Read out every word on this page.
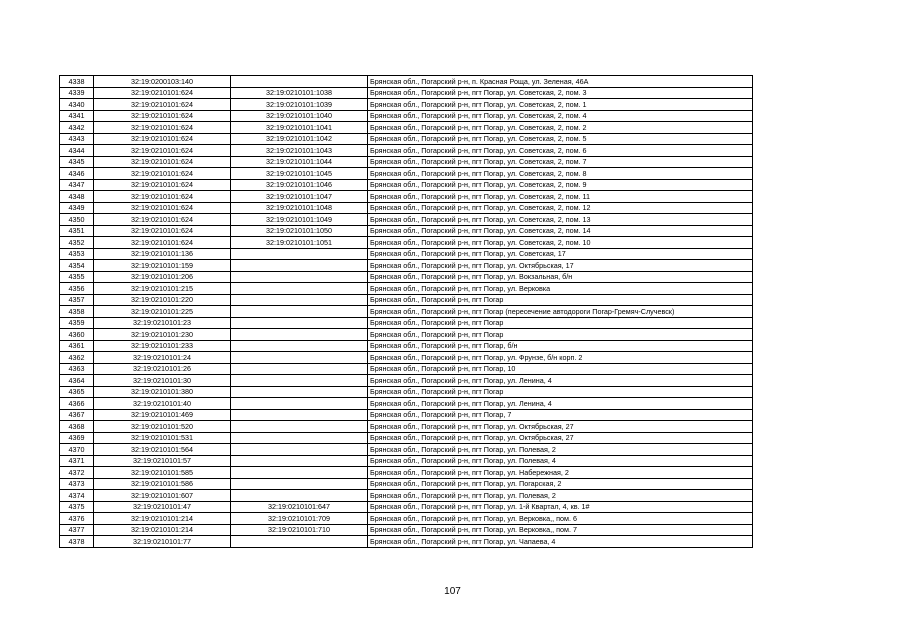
4338	32:19:0200103:140		Брянская обл., Погарский р-н, п. Красная Роща, ул. Зеленая, 46А
4339	32:19:0210101:624	32:19:0210101:1038	Брянская обл., Погарский р-н, пгт Погар, ул. Советская, 2, пом. 3
4340	32:19:0210101:624	32:19:0210101:1039	Брянская обл., Погарский р-н, пгт Погар, ул. Советская, 2, пом. 1
4341	32:19:0210101:624	32:19:0210101:1040	Брянская обл., Погарский р-н, пгт Погар, ул. Советская, 2, пом. 4
4342	32:19:0210101:624	32:19:0210101:1041	Брянская обл., Погарский р-н, пгт Погар, ул. Советская, 2, пом. 2
4343	32:19:0210101:624	32:19:0210101:1042	Брянская обл., Погарский р-н, пгт Погар, ул. Советская, 2, пом. 5
4344	32:19:0210101:624	32:19:0210101:1043	Брянская обл., Погарский р-н, пгт Погар, ул. Советская, 2, пом. 6
4345	32:19:0210101:624	32:19:0210101:1044	Брянская обл., Погарский р-н, пгт Погар, ул. Советская, 2, пом. 7
4346	32:19:0210101:624	32:19:0210101:1045	Брянская обл., Погарский р-н, пгт Погар, ул. Советская, 2, пом. 8
4347	32:19:0210101:624	32:19:0210101:1046	Брянская обл., Погарский р-н, пгт Погар, ул. Советская, 2, пом. 9
4348	32:19:0210101:624	32:19:0210101:1047	Брянская обл., Погарский р-н, пгт Погар, ул. Советская, 2, пом. 11
4349	32:19:0210101:624	32:19:0210101:1048	Брянская обл., Погарский р-н, пгт Погар, ул. Советская, 2, пом. 12
4350	32:19:0210101:624	32:19:0210101:1049	Брянская обл., Погарский р-н, пгт Погар, ул. Советская, 2, пом. 13
4351	32:19:0210101:624	32:19:0210101:1050	Брянская обл., Погарский р-н, пгт Погар, ул. Советская, 2, пом. 14
4352	32:19:0210101:624	32:19:0210101:1051	Брянская обл., Погарский р-н, пгт Погар, ул. Советская, 2, пом. 10
4353	32:19:0210101:136		Брянская обл., Погарский р-н, пгт Погар, ул. Советская, 17
4354	32:19:0210101:159		Брянская обл., Погарский р-н, пгт Погар, ул. Октябрьская, 17
4355	32:19:0210101:206		Брянская обл., Погарский р-н, пгт Погар, ул. Вокзальная, б/н
4356	32:19:0210101:215		Брянская обл., Погарский р-н, пгт Погар, ул. Верковка
4357	32:19:0210101:220		Брянская обл., Погарский р-н, пгт Погар
4358	32:19:0210101:225		Брянская обл., Погарский р-н, пгт Погар (пересечение автодороги Погар-Гремяч-Случевск)
4359	32:19:0210101:23		Брянская обл., Погарский р-н, пгт Погар
4360	32:19:0210101:230		Брянская обл., Погарский р-н, пгт Погар
4361	32:19:0210101:233		Брянская обл., Погарский р-н, пгт Погар, б/н
4362	32:19:0210101:24		Брянская обл., Погарский р-н, пгт Погар, ул. Фрунзе, б/н корп. 2
4363	32:19:0210101:26		Брянская обл., Погарский р-н, пгт Погар, 10
4364	32:19:0210101:30		Брянская обл., Погарский р-н, пгт Погар, ул. Ленина, 4
4365	32:19:0210101:380		Брянская обл., Погарский р-н, пгт Погар
4366	32:19:0210101:40		Брянская обл., Погарский р-н, пгт Погар, ул. Ленина, 4
4367	32:19:0210101:469		Брянская обл., Погарский р-н, пгт Погар, 7
4368	32:19:0210101:520		Брянская обл., Погарский р-н, пгт Погар, ул. Октябрьская, 27
4369	32:19:0210101:531		Брянская обл., Погарский р-н, пгт Погар, ул. Октябрьская, 27
4370	32:19:0210101:564		Брянская обл., Погарский р-н, пгт Погар, ул. Полевая, 2
4371	32:19:0210101:57		Брянская обл., Погарский р-н, пгт Погар, ул. Полевая, 4
4372	32:19:0210101:585		Брянская обл., Погарский р-н, пгт Погар, ул. Набережная, 2
4373	32:19:0210101:586		Брянская обл., Погарский р-н, пгт Погар, ул. Погарская, 2
4374	32:19:0210101:607		Брянская обл., Погарский р-н, пгт Погар, ул. Полевая, 2
4375	32:19:0210101:47	32:19:0210101:647	Брянская обл., Погарский р-н, пгт Погар, ул. 1-й Квартал, 4, кв. 1#
4376	32:19:0210101:214	32:19:0210101:709	Брянская обл., Погарский р-н, пгт Погар, ул. Верковка,, пом. 6
4377	32:19:0210101:214	32:19:0210101:710	Брянская обл., Погарский р-н, пгт Погар, ул. Верковка,, пом. 7
4378	32:19:0210101:77		Брянская обл., Погарский р-н, пгт Погар, ул. Чапаева, 4
107
